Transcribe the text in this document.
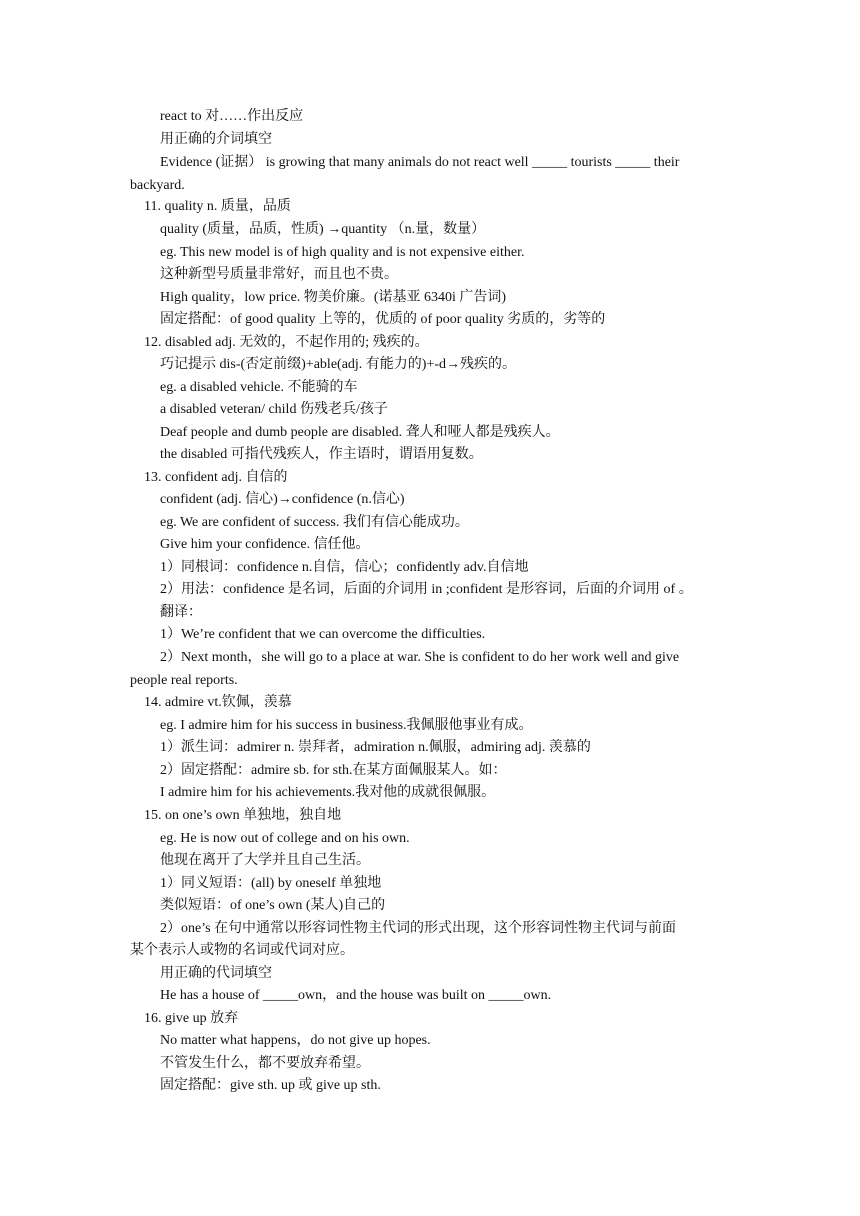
react to 对……作出反应
用正确的介词填空
Evidence (证据） is growing that many animals do not react well _____ tourists _____ their
backyard.
11. quality n. 质量，品质
quality (质量，品质，性质) →quantity （n.量，数量）
eg. This new model is of high quality and is not expensive either.
这种新型号质量非常好，而且也不贵。
High quality，low price. 物美价廉。(诺基亚 6340i 广告词)
固定搭配：of good quality 上等的，优质的 of poor quality 劣质的，劣等的
12. disabled adj. 无效的，不起作用的; 残疾的。
巧记提示 dis-(否定前缀)+able(adj. 有能力的)+-d→残疾的。
eg. a disabled vehicle. 不能骑的车
a disabled veteran/ child 伤残老兵/孩子
Deaf people and dumb people are disabled. 聋人和哑人都是残疾人。
the disabled 可指代残疾人，作主语时，谓语用复数。
13. confident adj. 自信的
confident (adj. 信心)→confidence (n.信心)
eg. We are confident of success. 我们有信心能成功。
Give him your confidence. 信任他。
1）同根词：confidence n.自信，信心；confidently adv.自信地
2）用法：confidence 是名词，后面的介词用 in ;confident 是形容词，后面的介词用 of 。
翻译：
1）We’re confident that we can overcome the difficulties.
2）Next month，she will go to a place at war. She is confident to do her work well and give
people real reports.
14. admire vt.钦佩，羡慕
eg. I admire him for his success in business.我佩服他事业有成。
1）派生词：admirer n. 崇拜者，admiration n.佩服，admiring adj. 羡慕的
2）固定搭配：admire sb. for sth.在某方面佩服某人。如：
I admire him for his achievements.我对他的成就很佩服。
15. on one’s own 单独地，独自地
eg. He is now out of college and on his own.
他现在离开了大学并且自己生活。
1）同义短语：(all) by oneself 单独地
类似短语：of one’s own (某人)自己的
2）one’s 在句中通常以形容词性物主代词的形式出现，这个形容词性物主代词与前面
某个表示人或物的名词或代词对应。
用正确的代词填空
He has a house of _____own，and the house was built on _____own.
16. give up 放弃
No matter what happens，do not give up hopes.
不管发生什么，都不要放弃希望。
固定搭配：give sth. up 或 give up sth.
